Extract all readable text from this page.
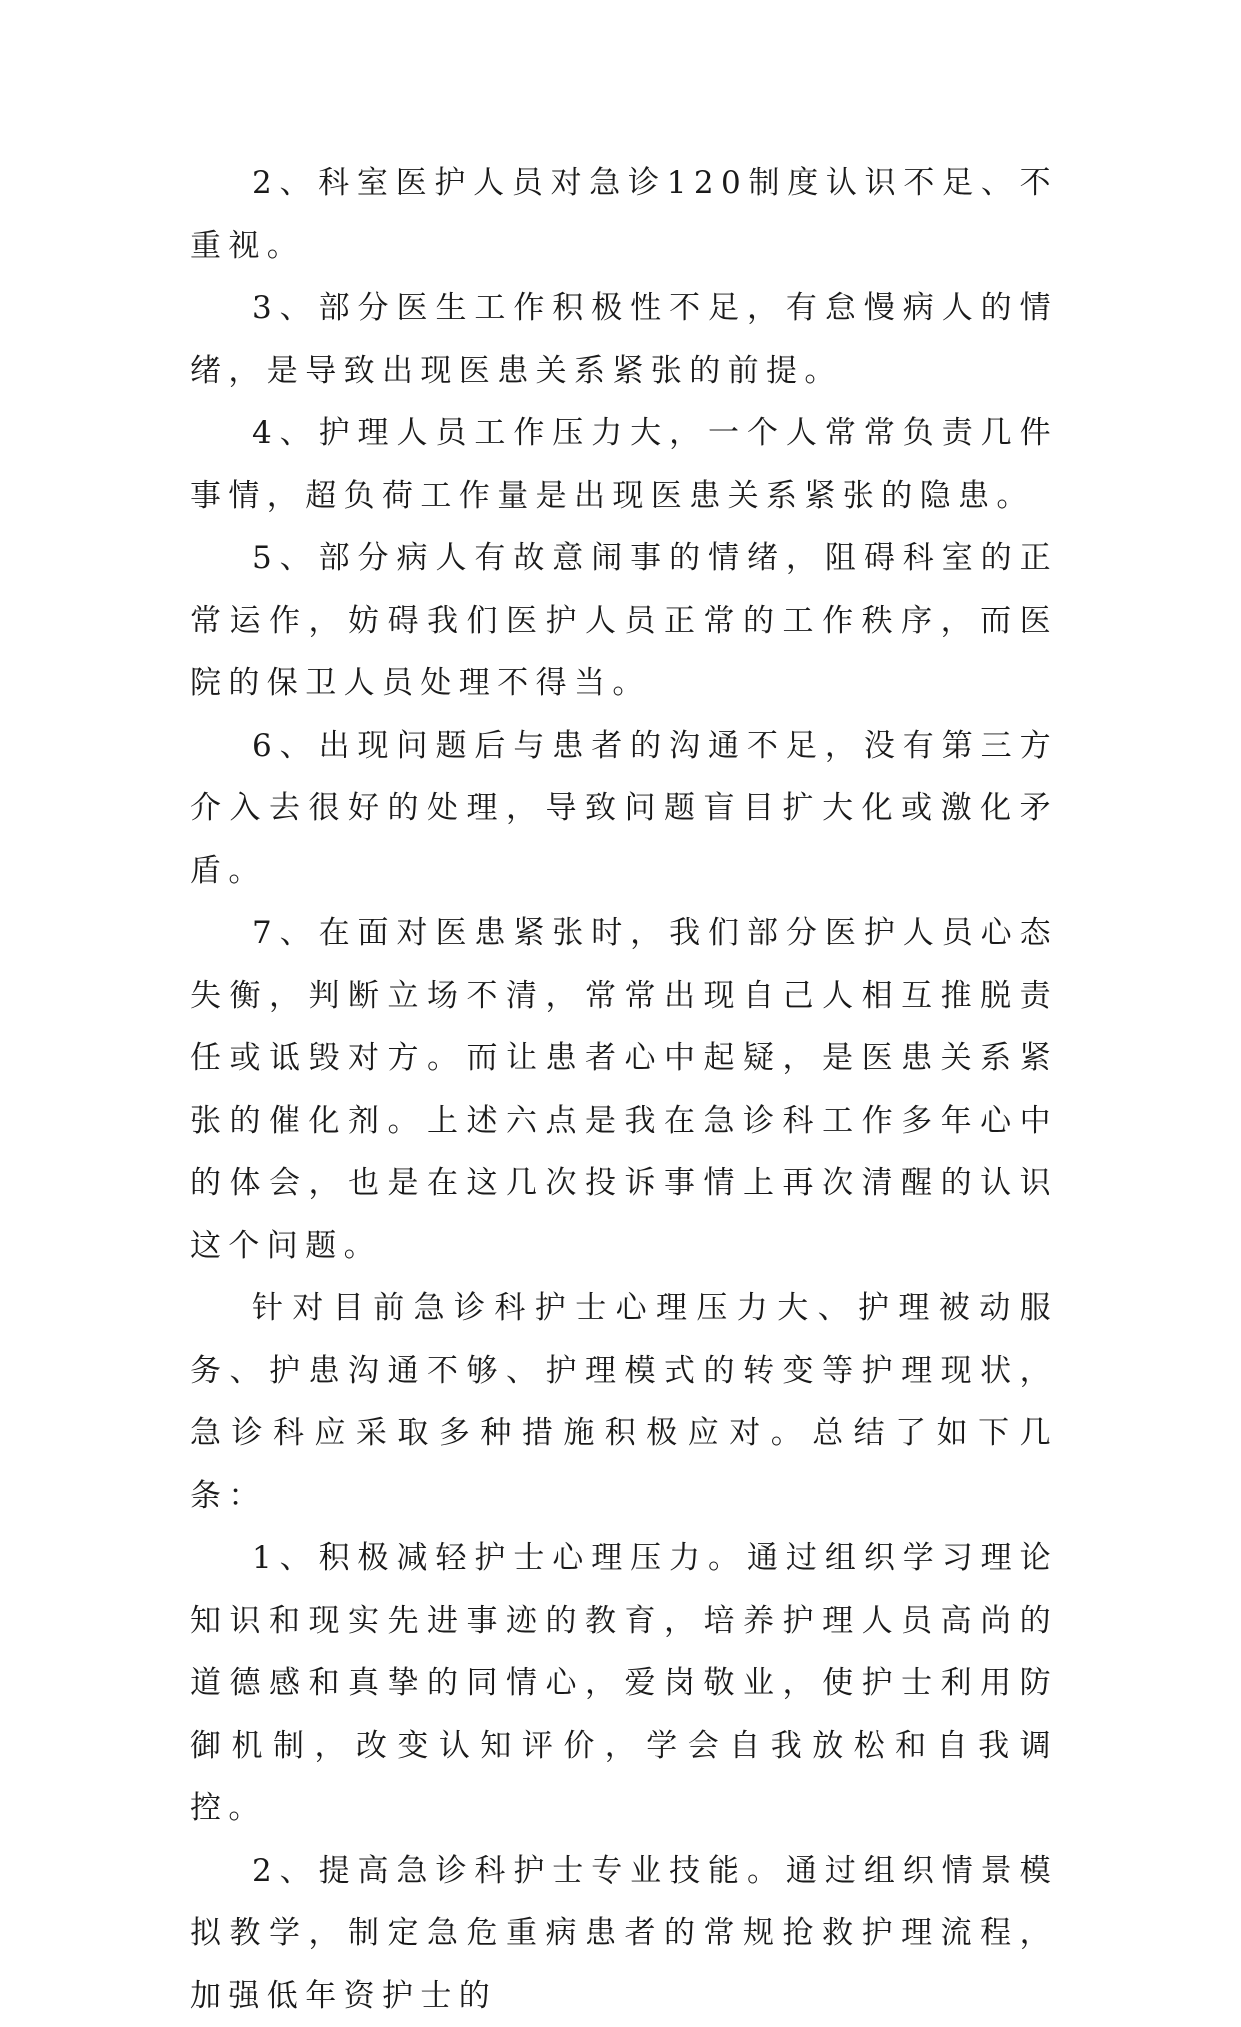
2、科室医护人员对急诊120制度认识不足、不重视。

3、部分医生工作积极性不足，有怠慢病人的情绪，是导致出现医患关系紧张的前提。

4、护理人员工作压力大，一个人常常负责几件事情，超负荷工作量是出现医患关系紧张的隐患。

5、部分病人有故意闹事的情绪，阻碍科室的正常运作，妨碍我们医护人员正常的工作秩序，而医院的保卫人员处理不得当。

6、出现问题后与患者的沟通不足，没有第三方介入去很好的处理，导致问题盲目扩大化或激化矛盾。

7、在面对医患紧张时，我们部分医护人员心态失衡，判断立场不清，常常出现自己人相互推脱责任或诋毁对方。而让患者心中起疑，是医患关系紧张的催化剂。上述六点是我在急诊科工作多年心中的体会，也是在这几次投诉事情上再次清醒的认识这个问题。

针对目前急诊科护士心理压力大、护理被动服务、护患沟通不够、护理模式的转变等护理现状，急诊科应采取多种措施积极应对。总结了如下几条：

1、积极减轻护士心理压力。通过组织学习理论知识和现实先进事迹的教育，培养护理人员高尚的道德感和真挚的同情心，爱岗敬业，使护士利用防御机制，改变认知评价，学会自我放松和自我调控。

2、提高急诊科护士专业技能。通过组织情景模拟教学，制定急危重病患者的常规抢救护理流程，加强低年资护士的
